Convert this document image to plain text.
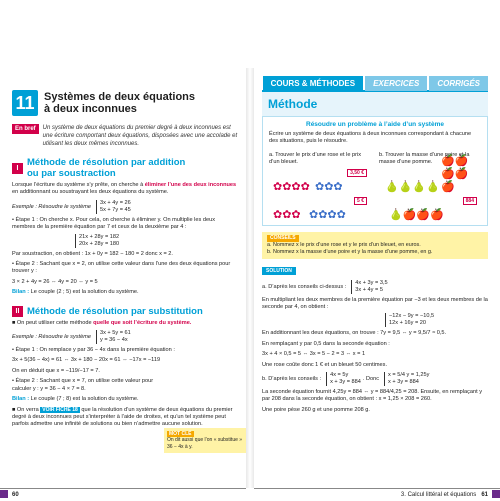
11 Systèmes de deux équations
à deux inconnues
En bref	Un système de deux équations du premier degré à deux inconnues est une écriture comportant deux équations, disposées avec une accolade et utilisant les deux mêmes inconnues.
I Méthode de résolution par addition
ou par soustraction
Lorsque l’écriture du système s’y prête, on cherche à éliminer l’une des deux inconnues en additionnant ou soustrayant les deux équations du système.
Exemple : Résoudre le système
3x + 4y = 26
5x + 7y = 45
• Étape 1 : On cherche x. Pour cela, on cherche à éliminer y. On multiplie les deux membres de la première équation par 7 et ceux de la deuxième par 4 :
21x + 28y = 182
20x + 28y = 180
Par soustraction, on obtient : 1x + 0y = 182 − 180 = 2 donc x = 2.
• Étape 2 : Sachant que x = 2, on utilise cette valeur dans l’une des deux équations pour trouver y :
3 × 2 + 4y = 26 ⇔ 4y = 20 ⇔ y = 5
Bilan : Le couple (2 ; 5) est la solution du système.
II Méthode de résolution par substitution
■ On peut utiliser cette méthode quelle que soit l’écriture du système.
Exemple : Résoudre le système
3x + 5y = 61
y = 36 − 4x
• Étape 1 : On remplace y par 36 − 4x dans la première équation :
3x + 5(36 − 4x) = 61 ⇔ 3x + 180 − 20x = 61 ⇔ −17x = −119
On en déduit que x = −119/−17 = 7.
• Étape 2 : Sachant que x = 7, on utilise cette valeur pour calculer y : y = 36 − 4 × 7 = 8.
Bilan : Le couple (7 ; 8) est la solution du système.
■ On verra VOIR FICHE 18 que la résolution d’un système de deux équations du premier degré à deux inconnues peut s’interpréter à l’aide de droites, et qu’un tel système peut parfois admettre une infinité de solutions ou bien n’admettre aucune solution.
MOT CLÉ
On dit aussi que l’on « substitue » 36 − 4x à y.
Méthode
Résoudre un problème à l’aide d’un système
Écrire un système de deux équations à deux inconnues correspondant à chacune des situations, puis le résoudre.
a. Trouver le prix d’une rose et le prix d’un bleuet.
✿✿✿✿ ✿✿✿
3,50 €
✿✿✿ ✿✿✿✿
5 €
b. Trouver la masse d’une poire et la masse d’une pomme.
🍐🍐🍐🍐
🍎🍎🍎🍎🍎
🍐🍎🍎🍎
884
CONSEILS
a. Nommez x le prix d’une rose et y le prix d’un bleuet, en euros.
b. Nommez x la masse d’une poire et y la masse d’une pomme, en g.
SOLUTION
a. D’après les conseils ci-dessus :
4x + 3y = 3,5
3x + 4y = 5
En multipliant les deux membres de la première équation par −3 et les deux membres de la seconde par 4, on obtient :
−12x − 9y = −10,5
12x + 16y = 20
En additionnant les deux équations, on trouve : 7y = 9,5 ⇔ y = 9,5/7 ≈ 0,5.
En remplaçant y par 0,5 dans la seconde équation :
3x + 4 × 0,5 = 5 ⇔ 3x = 5 − 2 = 3 ⇔ x = 1
Une rose coûte donc 1 € et un bleuet 50 centimes.
b. D’après les conseils :
4x = 5y
x + 3y = 884 . Donc
x = 5/4 y = 1,25y
x + 3y = 884
La seconde équation fournit 4,25y = 884 ⇔ y = 884/4,25 = 208. Ensuite, en remplaçant y par 208 dans la seconde équation, on obtient : x = 1,25 × 208 = 260.
Une poire pèse 260 g et une pomme 208 g.
COURS & MÉTHODES	EXERCICES	CORRIGÉS
60	3. Calcul littéral et équations 61
